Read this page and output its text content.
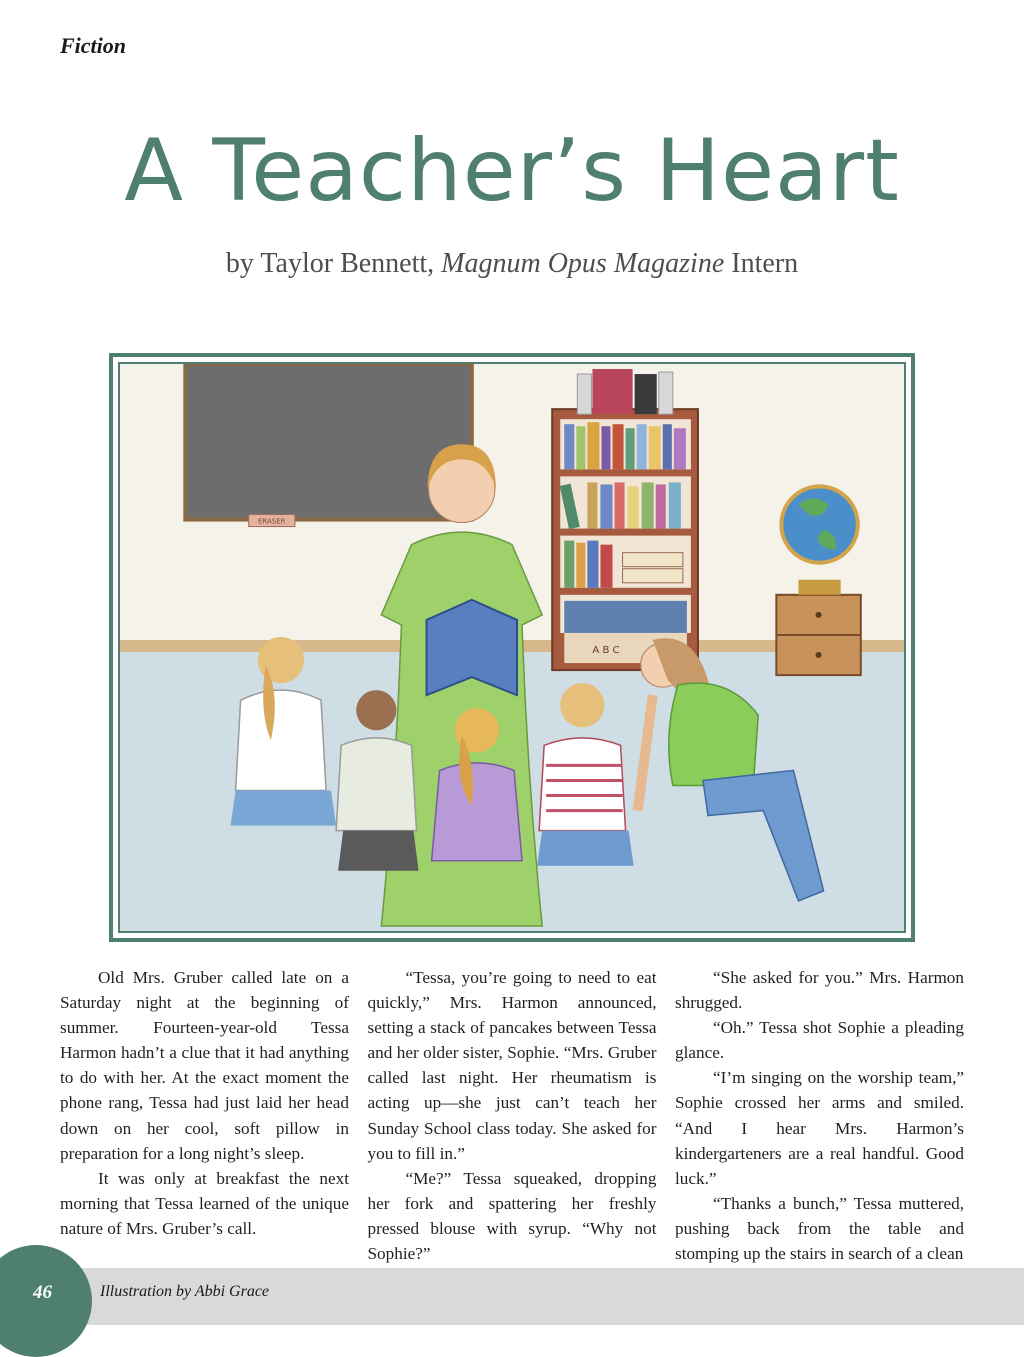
Fiction

A Teacher’s Heart
by Taylor Bennett, Magnum Opus Magazine Intern
ERASER
A B C

Old Mrs. Gruber called late on a Saturday night at the beginning of summer. Fourteen-year-old Tessa Harmon hadn’t a clue that it had anything to do with her. At the exact moment the phone rang, Tessa had just laid her head down on her cool, soft pillow in preparation for a long night’s sleep.

It was only at breakfast the next morning that Tessa learned of the unique nature of Mrs. Gruber’s call.

“Tessa, you’re going to need to eat quickly,” Mrs. Harmon announced, setting a stack of pancakes between Tessa and her older sister, Sophie. “Mrs. Gruber called last night. Her rheumatism is acting up—she just can’t teach her Sunday School class today. She asked for you to fill in.”

“Me?” Tessa squeaked, dropping her fork and spattering her freshly pressed blouse with syrup. “Why not Sophie?”

“She asked for you.” Mrs. Harmon shrugged.

“Oh.” Tessa shot Sophie a pleading glance.

“I’m singing on the worship team,” Sophie crossed her arms and smiled. “And I hear Mrs. Harmon’s kindergarteners are a real handful. Good luck.”

“Thanks a bunch,” Tessa muttered, pushing back from the table and stomping up the stairs in search of a clean

46	Illustration by Abbi Grace
